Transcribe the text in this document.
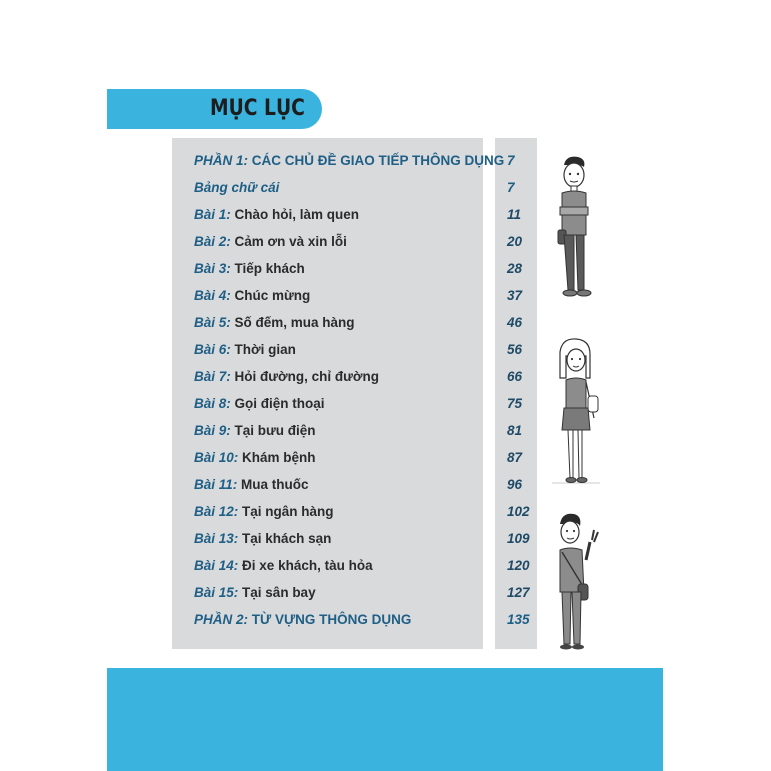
MỤC LỤC
PHẦN 1: CÁC CHỦ ĐỀ GIAO TIẾP THÔNG DỤNG 7
Bảng chữ cái	7
Bài 1: Chào hỏi, làm quen	11
Bài 2: Cảm ơn và xin lỗi	20
Bài 3: Tiếp khách	28
Bài 4: Chúc mừng	37
Bài 5: Số đếm, mua hàng	46
Bài 6: Thời gian	56
Bài 7: Hỏi đường, chỉ đường	66
Bài 8: Gọi điện thoại	75
Bài 9: Tại bưu điện	81
Bài 10: Khám bệnh	87
Bài 11: Mua thuốc	96
Bài 12: Tại ngân hàng	102
Bài 13: Tại khách sạn	109
Bài 14: Đi xe khách, tàu hỏa	120
Bài 15: Tại sân bay	127
PHẦN 2: TỪ VỰNG THÔNG DỤNG	135
